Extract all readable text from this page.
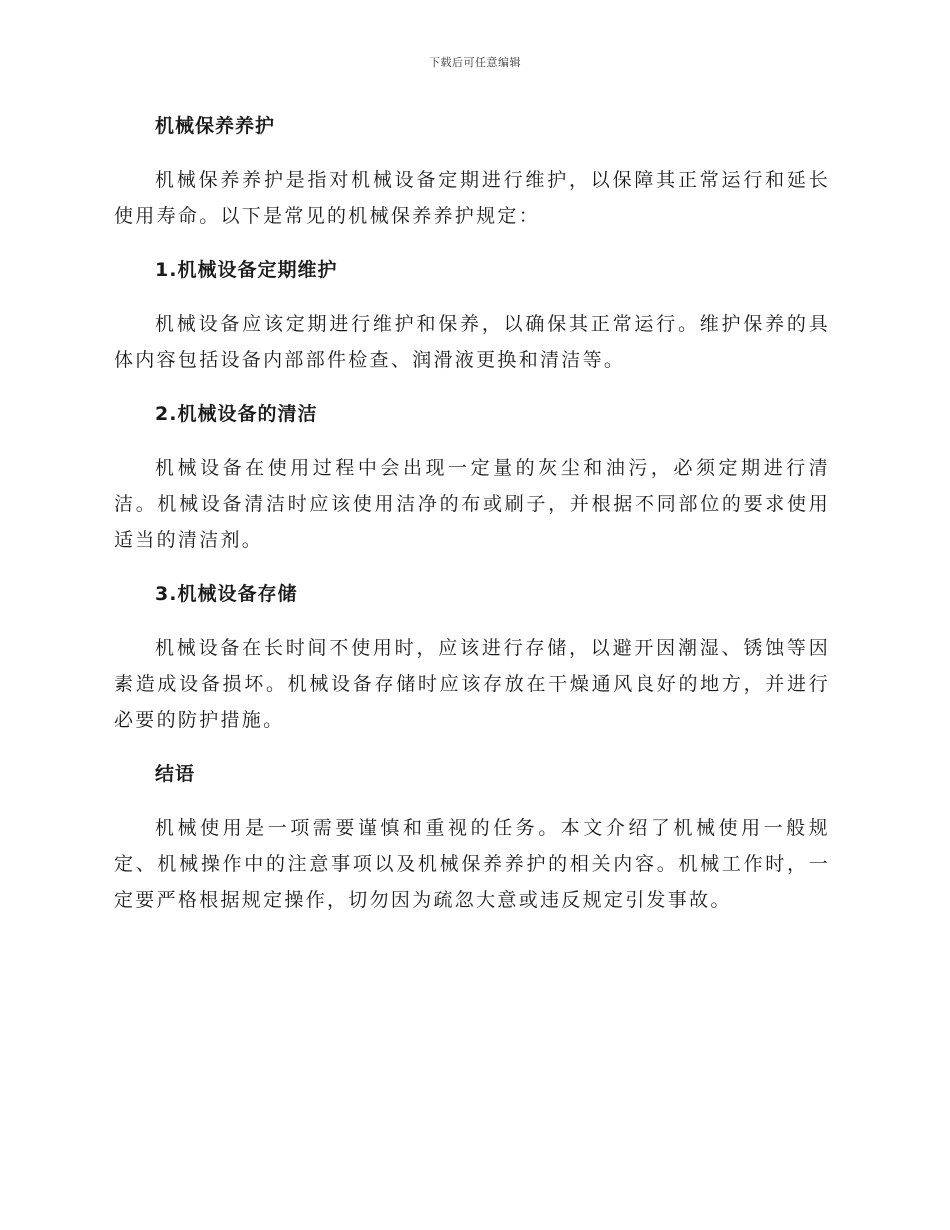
下载后可任意编辑
机械保养养护

机械保养养护是指对机械设备定期进行维护，以保障其正常运行和延长使用寿命。以下是常见的机械保养养护规定：

1.机械设备定期维护

机械设备应该定期进行维护和保养，以确保其正常运行。维护保养的具体内容包括设备内部部件检查、润滑液更换和清洁等。

2.机械设备的清洁

机械设备在使用过程中会出现一定量的灰尘和油污，必须定期进行清洁。机械设备清洁时应该使用洁净的布或刷子，并根据不同部位的要求使用适当的清洁剂。

3.机械设备存储

机械设备在长时间不使用时，应该进行存储，以避开因潮湿、锈蚀等因素造成设备损坏。机械设备存储时应该存放在干燥通风良好的地方，并进行必要的防护措施。

结语

机械使用是一项需要谨慎和重视的任务。本文介绍了机械使用一般规定、机械操作中的注意事项以及机械保养养护的相关内容。机械工作时，一定要严格根据规定操作，切勿因为疏忽大意或违反规定引发事故。
